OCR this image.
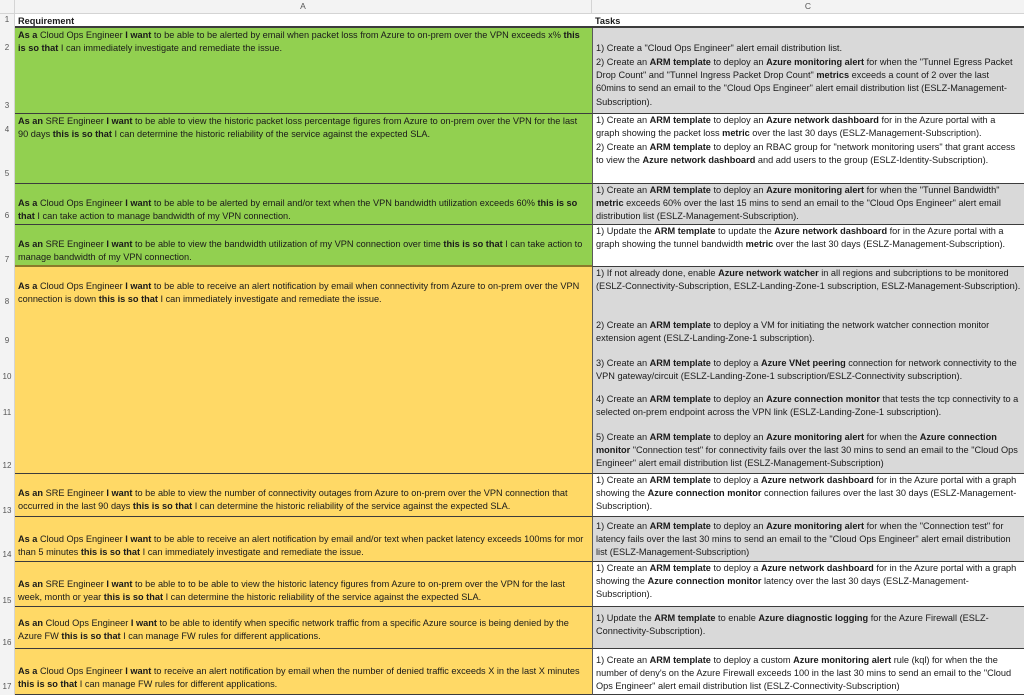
A	C
1
2
3
4
5
6
7
8
9
10
11
12
13
14
15
16
17
Requirement	Tasks
As a Cloud Ops Engineer I want to be able to be alerted by email when packet loss from Azure to on-prem over the VPN exceeds x% this is so that I can immediately investigate and remediate the issue.
As an SRE Engineer I want to be able to view the historic packet loss percentage figures from Azure to on-prem over the VPN for the last 90 days this is so that I can determine the historic reliability of the service against the expected SLA.
As a Cloud Ops Engineer I want to be able to be alerted by email and/or text when the VPN bandwidth utilization exceeds 60% this is so that I can take action to manage bandwidth of my VPN connection.
As an SRE Engineer I want to be able to view the bandwidth utilization of my VPN connection over time this is so that I can take action to manage bandwidth of my VPN connection.
As a Cloud Ops Engineer I want to be able to receive an alert notification by email when connectivity from Azure to on-prem over the VPN connection is down this is so that I can immediately investigate and remediate the issue.
As an SRE Engineer I want to be able to view the number of connectivity outages from Azure to on-prem over the VPN connection that occurred in the last 90 days this is so that I can determine the historic reliability of the service against the expected SLA.
As a Cloud Ops Engineer I want to be able to receive an alert notification by email and/or text when packet latency exceeds 100ms for mor than 5 minutes this is so that I can immediately investigate and remediate the issue.
As an SRE Engineer I want to be able to to be able to view the historic latency figures from Azure to on-prem over the VPN for the last week, month or year this is so that I can determine the historic reliability of the service against the expected SLA.
As an Cloud Ops Engineer I want to be able to identify when specific network traffic from a specific Azure source is being denied by the Azure FW this is so that I can manage FW rules for different applications.
As a Cloud Ops Engineer I want to receive an alert notification by email when the number of denied traffic exceeds X in the last X minutes this is so that I can manage FW rules for different applications.
1) Create a "Cloud Ops Engineer" alert email distribution list.
2) Create an ARM template to deploy an Azure monitoring alert for when the "Tunnel Egress Packet Drop Count" and "Tunnel Ingress Packet Drop Count" metrics exceeds a count of 2 over the last 60mins to send an email to the "Cloud Ops Engineer" alert email distribution list (ESLZ-Management-Subscription).
1) Create an ARM template to deploy an Azure network dashboard for in the Azure portal with a graph showing the packet loss metric over the last 30 days (ESLZ-Management-Subscription).
2) Create an ARM template to deploy an RBAC group for "network monitoring users" that grant access to view the Azure network dashboard and add users to the group (ESLZ-Identity-Subscription).
1) Create an ARM template to deploy an Azure monitoring alert for when the "Tunnel Bandwidth" metric exceeds 60% over the last 15 mins to send an email to the "Cloud Ops Engineer" alert email distribution list (ESLZ-Management-Subscription).
1) Update the ARM template to update the Azure network dashboard for in the Azure portal with a graph showing the tunnel bandwidth metric over the last 30 days (ESLZ-Management-Subscription).
1) If not already done, enable Azure network watcher in all regions and subcriptions to be monitored (ESLZ-Connectivity-Subscription, ESLZ-Landing-Zone-1 subscription, ESLZ-Management-Subscription).
2) Create an ARM template to deploy a VM for initiating the network watcher connection monitor extension agent (ESLZ-Landing-Zone-1 subscription).
3) Create an ARM template to deploy a Azure VNet peering connection for network connectivity to the VPN gateway/circuit (ESLZ-Landing-Zone-1 subscription/ESLZ-Connectivity subscription).
4) Create an ARM template to deploy an Azure connection monitor that tests the tcp connectivity to a selected on-prem endpoint across the VPN link (ESLZ-Landing-Zone-1 subscription).
5) Create an ARM template to deploy an Azure monitoring alert for when the Azure connection monitor "Connection test" for connectivity fails over the last 30 mins to send an email to the "Cloud Ops Engineer" alert email distribution list (ESLZ-Management-Subscription)
1) Create an ARM template to deploy a Azure network dashboard for in the Azure portal with a graph showing the Azure connection monitor connection failures over the last 30 days (ESLZ-Management-Subscription).
1) Create an ARM template to deploy an Azure monitoring alert for when the "Connection test" for latency fails over the last 30 mins to send an email to the "Cloud Ops Engineer" alert email distribution list (ESLZ-Management-Subscription)
1) Create an ARM template to deploy a Azure network dashboard for in the Azure portal with a graph showing the Azure connection monitor latency over the last 30 days (ESLZ-Management-Subscription).
1) Update the ARM template to enable Azure diagnostic logging for the Azure Firewall (ESLZ-Connectivity-Subscription).
1) Create an ARM template to deploy a custom Azure monitoring alert rule (kql) for when the the number of deny's on the Azure Firewall exceeds 100 in the last 30 mins to send an email to the "Cloud Ops Engineer" alert email distribution list (ESLZ-Connectivity-Subscription)
